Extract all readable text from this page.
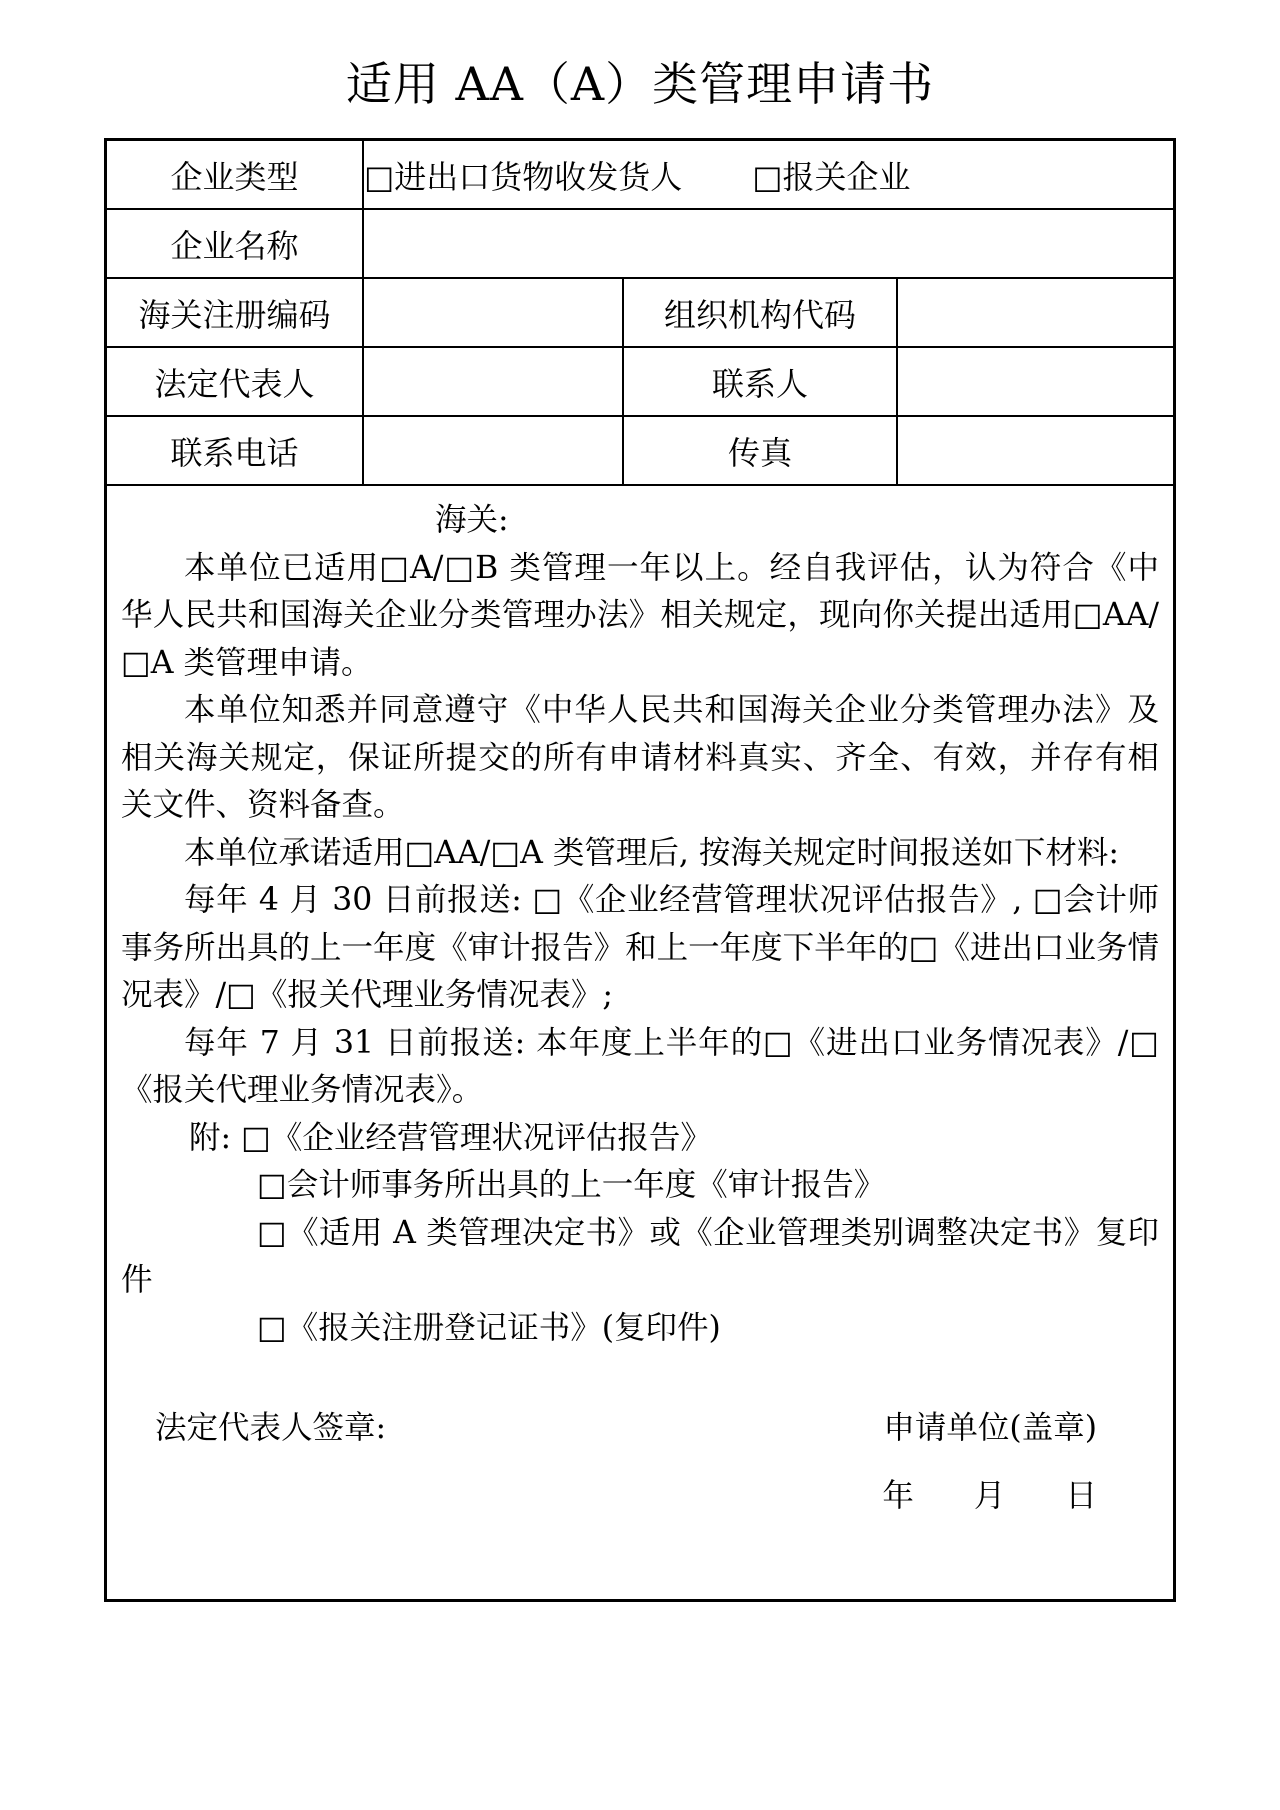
适用 AA（A）类管理申请书
企业类型	□进出口货物收发货人 □报关企业		
企业名称			
海关注册编码		组织机构代码	
法定代表人		联系人	
联系电话		传真	

海关:

本单位已适用□A/□B 类管理一年以上。经自我评估，认为符合《中华人民共和国海关企业分类管理办法》相关规定，现向你关提出适用□AA/□A 类管理申请。

本单位知悉并同意遵守《中华人民共和国海关企业分类管理办法》及相关海关规定，保证所提交的所有申请材料真实、齐全、有效，并存有相关文件、资料备查。

本单位承诺适用□AA/□A 类管理后, 按海关规定时间报送如下材料:

每年 4 月 30 日前报送: □《企业经营管理状况评估报告》, □会计师事务所出具的上一年度《审计报告》和上一年度下半年的□《进出口业务情况表》/□《报关代理业务情况表》;

每年 7 月 31 日前报送: 本年度上半年的□《进出口业务情况表》/□《报关代理业务情况表》。

附: □《企业经营管理状况评估报告》

□会计师事务所出具的上一年度《审计报告》

□《适用 A 类管理决定书》或《企业管理类别调整决定书》复印件

□《报关注册登记证书》(复印件)

法定代表人签章:	申请单位(盖章)
年      月      日
